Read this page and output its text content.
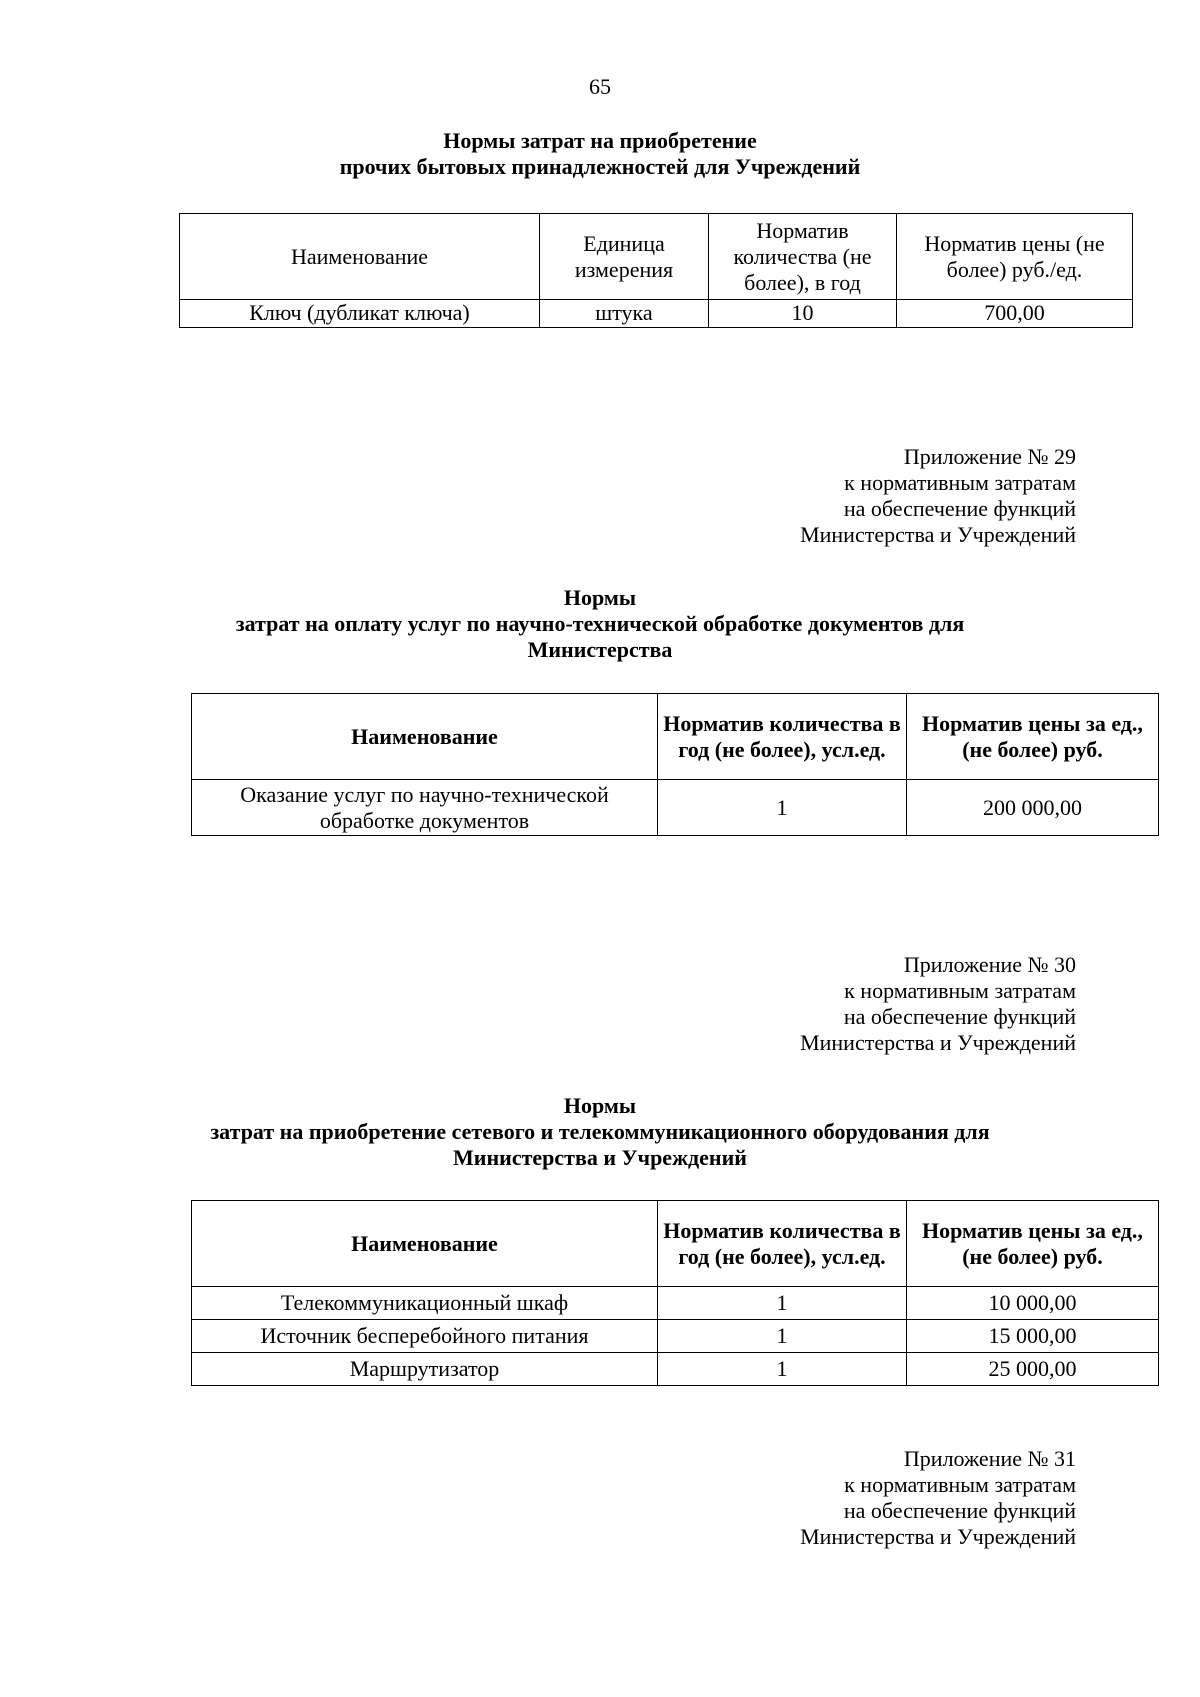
65
Нормы затрат на приобретение
прочих бытовых принадлежностей для Учреждений
Наименование	Единица измерения	Норматив количества (не более), в год	Норматив цены (не более) руб./ед.
Ключ (дубликат ключа)	штука	10	700,00
Приложение № 29
к нормативным затратам
на обеспечение функций
Министерства и Учреждений
Нормы
затрат на оплату услуг по научно-технической обработке документов для
Министерства
Наименование	Норматив количества в год (не более), усл.ед.	Норматив цены за ед., (не более) руб.
Оказание услуг по научно-технической обработке документов	1	200 000,00
Приложение № 30
к нормативным затратам
на обеспечение функций
Министерства и Учреждений
Нормы
затрат на приобретение сетевого и телекоммуникационного оборудования для
Министерства и Учреждений
Наименование	Норматив количества в год (не более), усл.ед.	Норматив цены за ед., (не более) руб.
Телекоммуникационный шкаф	1	10 000,00
Источник бесперебойного питания	1	15 000,00
Маршрутизатор	1	25 000,00
Приложение № 31
к нормативным затратам
на обеспечение функций
Министерства и Учреждений
